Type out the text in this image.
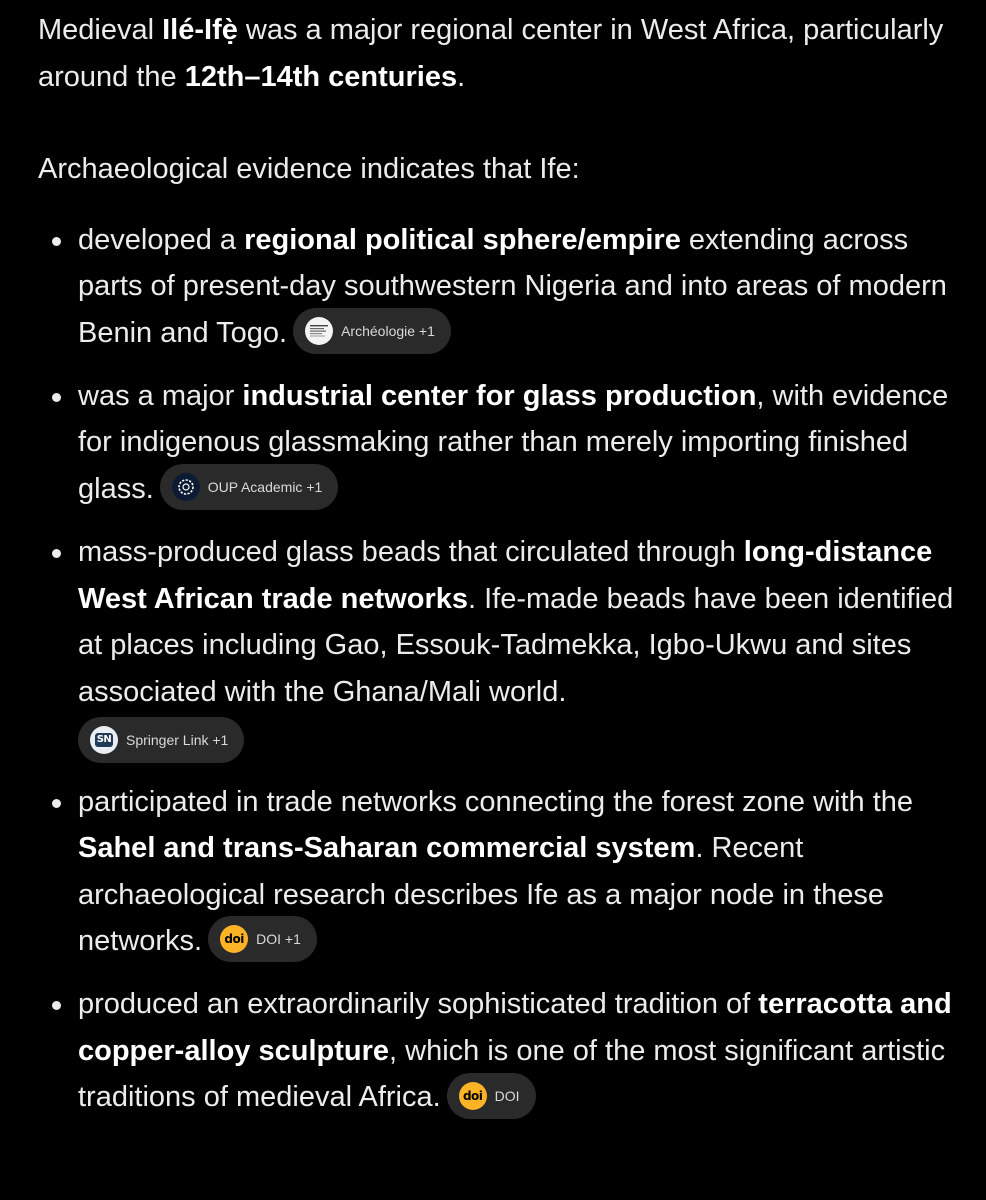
Medieval Ilé-Ifẹ̀ was a major regional center in West Africa, particularly around the 12th–14th centuries.

Archaeological evidence indicates that Ife:

developed a regional political sphere/empire extending across parts of present-day southwestern Nigeria and into areas of modern Benin and Togo.	Archéologie +1
was a major industrial center for glass production, with evidence for indigenous glassmaking rather than merely importing finished glass.	OUP Academic +1
mass-produced glass beads that circulated through long-distance West African trade networks. Ife-made beads have been identified at places including Gao, Essouk-Tadmekka, Igbo-Ukwu and sites associated with the Ghana/Mali world.

SN Springer Link +1
participated in trade networks connecting the forest zone with the Sahel and trans-Saharan commercial system. Recent archaeological research describes Ife as a major node in these networks. doi DOI +1
produced an extraordinarily sophisticated tradition of terracotta and copper-alloy sculpture, which is one of the most significant artistic traditions of medieval Africa. doi DOI
